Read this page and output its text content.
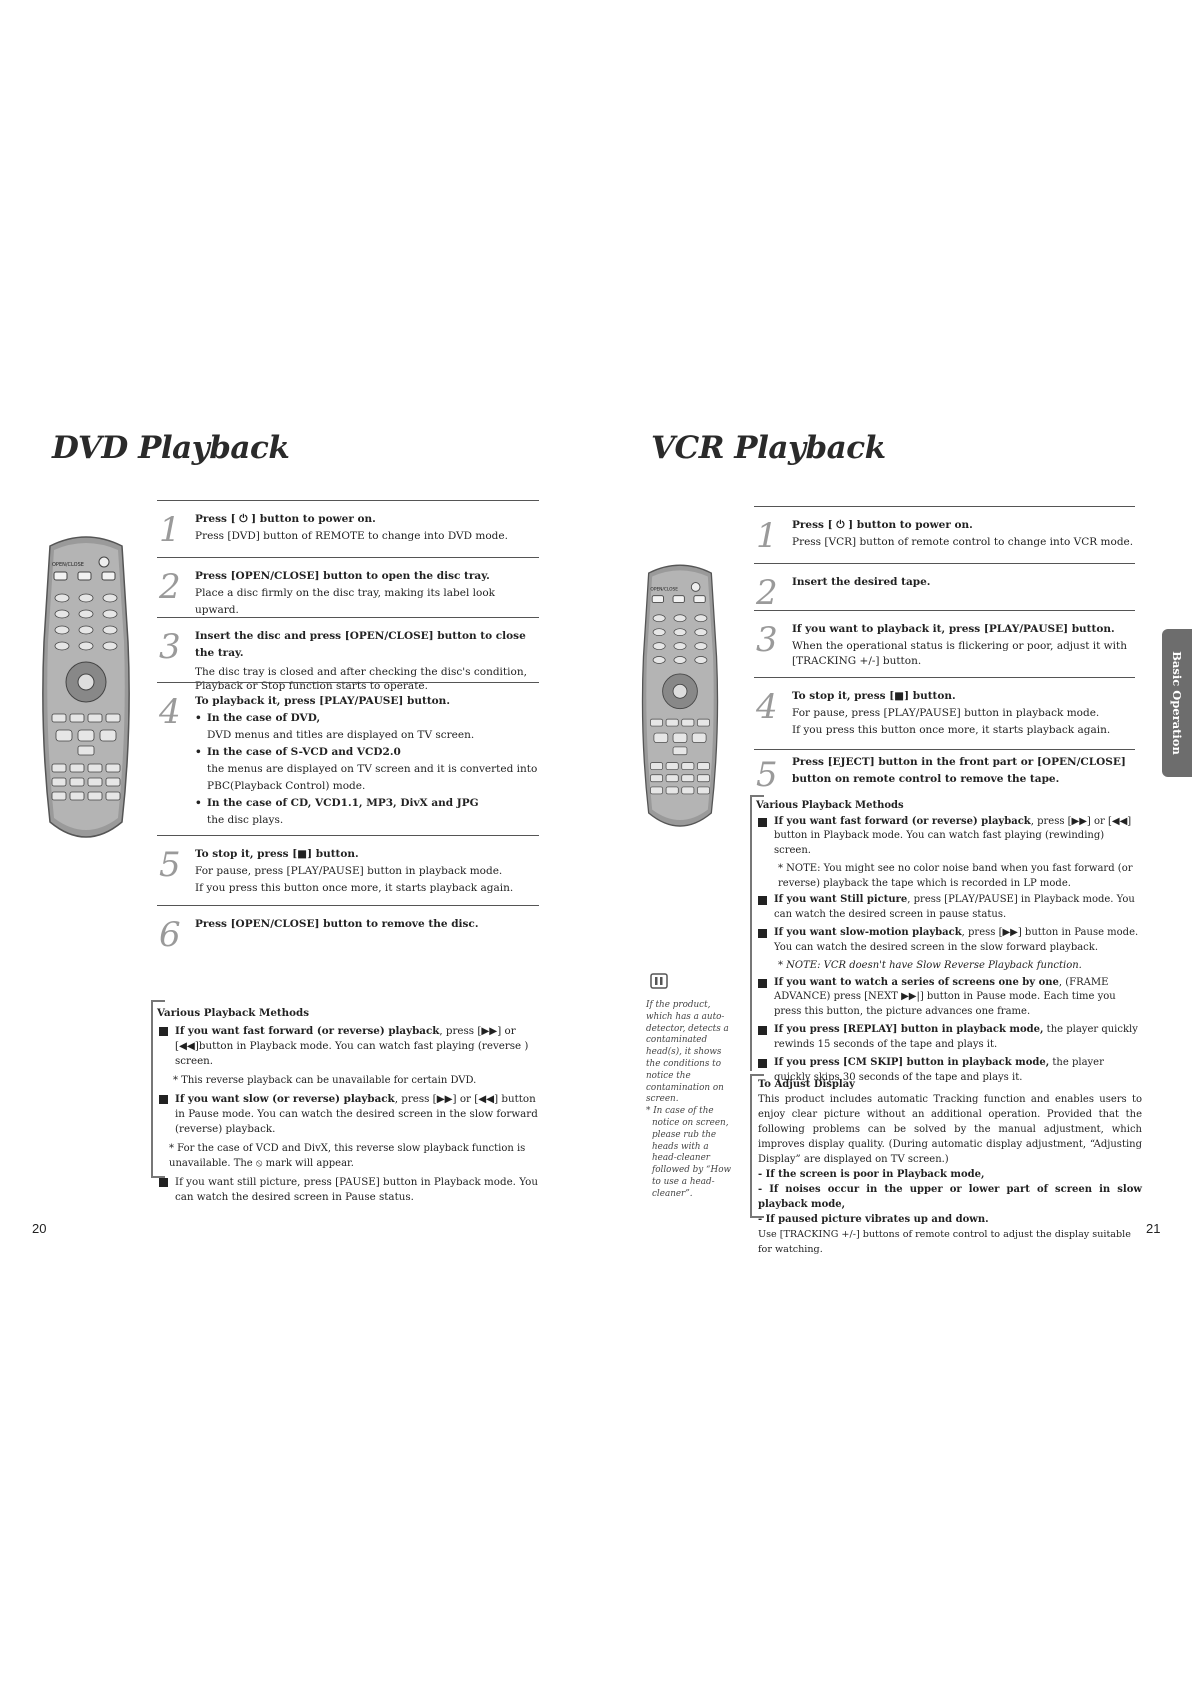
DVD Playback
OPEN/CLOSE
1 Press [ ⏻ ] button to power on.
Press [DVD] button of REMOTE to change into DVD mode.
2 Press [OPEN/CLOSE] button to open the disc tray.
Place a disc firmly on the disc tray, making its label look upward.
3 Insert the disc and press [OPEN/CLOSE] button to close the tray.
The disc tray is closed and after checking the disc's condition, Playback or Stop function starts to operate.
4 To playback it, press [PLAY/PAUSE] button.
• In the case of DVD,
DVD menus and titles are displayed on TV screen.
• In the case of S-VCD and VCD2.0
the menus are displayed on TV screen and it is converted into PBC(Playback Control) mode.
• In the case of CD, VCD1.1, MP3, DivX and JPG
the disc plays.
5 To stop it, press [■] button.
For pause, press [PLAY/PAUSE] button in playback mode.
If you press this button once more, it starts playback again.
6 Press [OPEN/CLOSE] button to remove the disc.
Various Playback Methods
If you want fast forward (or reverse) playback, press [▶▶] or [◀◀]button in Playback mode. You can watch fast playing (reverse ) screen.
* This reverse playback can be unavailable for certain DVD.
If you want slow (or reverse) playback, press [▶▶] or [◀◀] button in Pause mode. You can watch the desired screen in the slow forward (reverse) playback.
* For the case of VCD and DivX, this reverse slow playback function is unavailable. The ⦸ mark will appear.
If you want still picture, press [PAUSE] button in Playback mode. You can watch the desired screen in Pause status.
20
VCR Playback
OPEN/CLOSE
1 Press [ ⏻ ] button to power on.
Press [VCR] button of remote control to change into VCR mode.
2 Insert the desired tape.
3 If you want to playback it, press [PLAY/PAUSE] button.
When the operational status is flickering or poor, adjust it with [TRACKING +/-] button.
4 To stop it, press [■] button.
For pause, press [PLAY/PAUSE] button in playback mode.
If you press this button once more, it starts playback again.
5 Press [EJECT] button in the front part or [OPEN/CLOSE] button on remote control to remove the tape.
Various Playback Methods
If you want fast forward (or reverse) playback, press [▶▶] or [◀◀] button in Playback mode. You can watch fast playing (rewinding) screen.
* NOTE: You might see no color noise band when you fast forward (or reverse) playback the tape which is recorded in LP mode.
If you want Still picture, press [PLAY/PAUSE] in Playback mode. You can watch the desired screen in pause status.
If you want slow-motion playback, press [▶▶] button in Pause mode. You can watch the desired screen in the slow forward playback.
* NOTE: VCR doesn't have Slow Reverse Playback function.
If you want to watch a series of screens one by one, (FRAME ADVANCE) press [NEXT ▶▶|] button in Pause mode. Each time you press this button, the picture advances one frame.
If you press [REPLAY] button in playback mode, the player quickly rewinds 15 seconds of the tape and plays it.
If you press [CM SKIP] button in playback mode, the player quickly skips 30 seconds of the tape and plays it.
To Adjust Display
This product includes automatic Tracking function and enables users to enjoy clear picture without an additional operation. Provided that the following problems can be solved by the manual adjustment, which improves display quality. (During automatic display adjustment, “Adjusting Display” are displayed on TV screen.)
- If the screen is poor in Playback mode,
- If noises occur in the upper or lower part of screen in slow playback mode,
- If paused picture vibrates up and down.
Use [TRACKING +/-] buttons of remote control to adjust the display suitable for watching.
If the product, which has a auto-detector, detects a contaminated head(s), it shows the conditions to notice the contamination on screen.
* In case of the notice on screen, please rub the heads with a head-cleaner followed by “How to use a head-cleaner”.
Basic Operation
21
